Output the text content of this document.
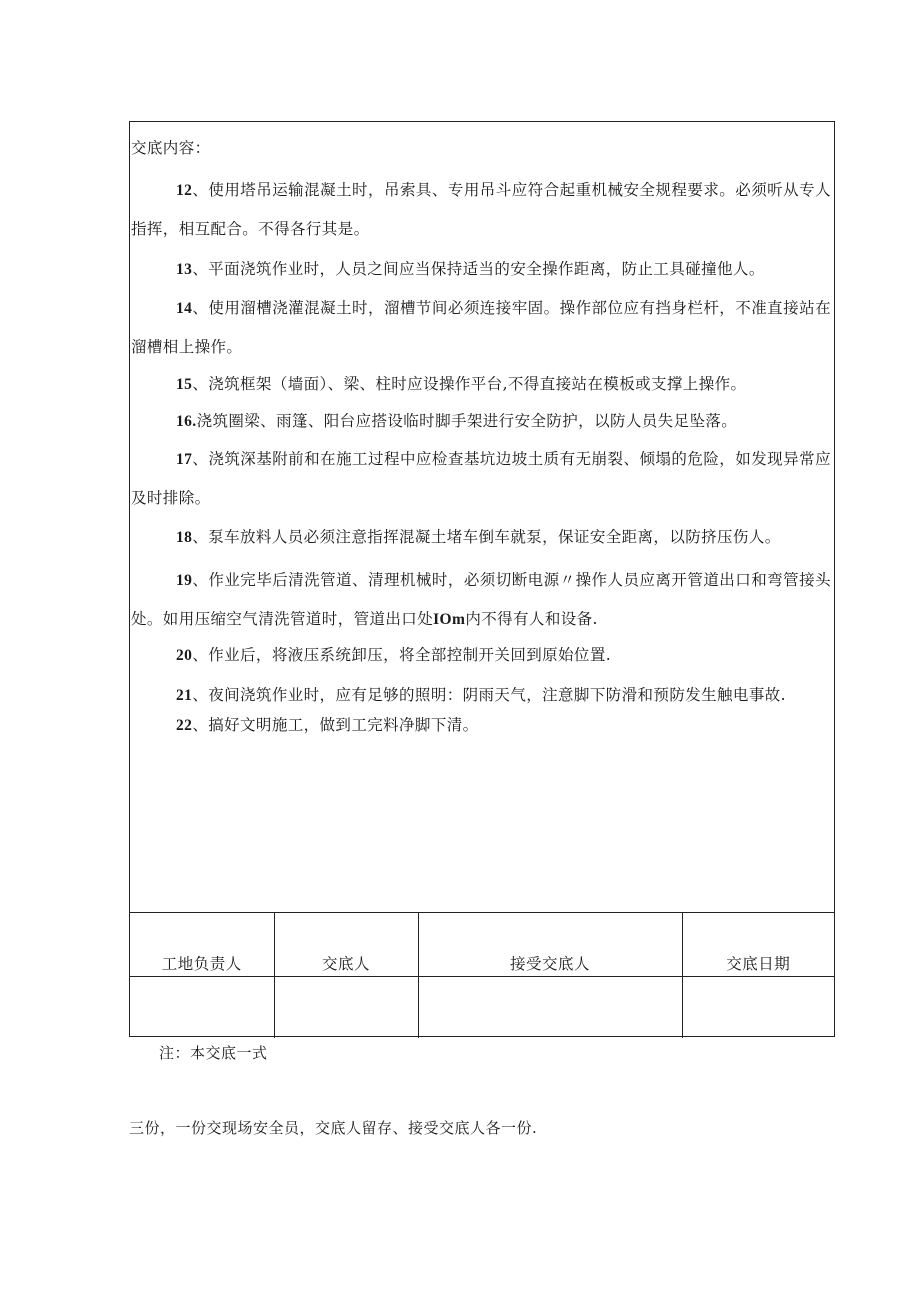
交底内容：

12、使用塔吊运输混凝土时，吊索具、专用吊斗应符合起重机械安全规程要求。必须听从专人指挥，相互配合。不得各行其是。

13、平面浇筑作业时，人员之间应当保持适当的安全操作距离，防止工具碰撞他人。

14、使用溜槽浇灌混凝土时，溜槽节间必须连接牢固。操作部位应有挡身栏杆，不准直接站在溜槽相上操作。

15、浇筑框架（墙面）、梁、柱时应设操作平台,不得直接站在模板或支撑上操作。

16.浇筑圈梁、雨篷、阳台应搭设临时脚手架进行安全防护，以防人员失足坠落。

17、浇筑深基附前和在施工过程中应检查基坑边坡土质有无崩裂、倾塌的危险，如发现异常应及时排除。

18、泵车放料人员必须注意指挥混凝土堵车倒车就泵，保证安全距离，以防挤压伤人。

19、作业完毕后清洗管道、清理机械时，必须切断电源〃操作人员应离开管道出口和弯管接头处。如用压缩空气清洗管道时，管道出口处IOm内不得有人和设备.

20、作业后，将液压系统卸压，将全部控制开关回到原始位置.

21、夜间浇筑作业时，应有足够的照明：阴雨天气，注意脚下防滑和预防发生触电事故.

22、搞好文明施工，做到工完料净脚下清。

工地负责人	交底人	接受交底人	交底日期

注：本交底一式
三份，一份交现场安全员，交底人留存、接受交底人各一份.
